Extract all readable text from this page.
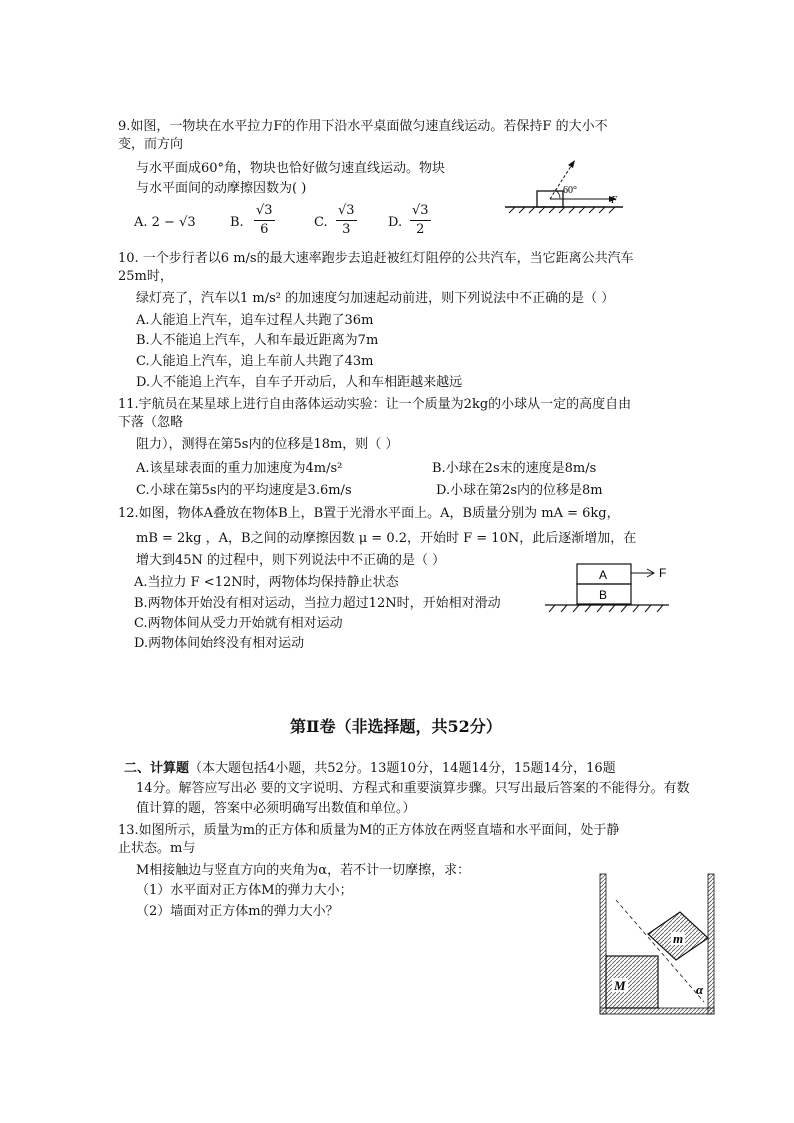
9.如图，一物块在水平拉力F的作用下沿水平桌面做匀速直线运动。若保持F 的大小不
变，而方向
与水平面成60°角，物块也恰好做匀速直线运动。物块
与水平面间的动摩擦因数为( )
A. 2 − √3	B. $\frac{√3}{6}$	C. $\frac{√3}{3} D$. $\frac{√3}{2}$
60°
F
10. 一个步行者以6 m/s的最大速率跑步去追赶被红灯阻停的公共汽车，当它距离公共汽车
25m时，
绿灯亮了，汽车以1 m/s² 的加速度匀加速起动前进，则下列说法中不正确的是（ ）
A.人能追上汽车，追车过程人共跑了36m
B.人不能追上汽车，人和车最近距离为7m
C.人能追上汽车，追上车前人共跑了43m
D.人不能追上汽车，自车子开动后，人和车相距越来越远
11.宇航员在某星球上进行自由落体运动实验：让一个质量为2kg的小球从一定的高度自由
下落（忽略
阻力），测得在第5s内的位移是18m，则（ ）
A.该星球表面的重力加速度为4m/s²	B.小球在2s末的速度是8m/s
C.小球在第5s内的平均速度是3.6m/s	D.小球在第2s内的位移是8m
12.如图，物体A叠放在物体B上，B置于光滑水平面上。A，B质量分别为 mA = 6kg，
mB = 2kg ，A，B之间的动摩擦因数 μ = 0.2，开始时 F = 10N，此后逐渐增加，在
增大到45N 的过程中，则下列说法中不正确的是（ ）
A.当拉力 F <12N时，两物体均保持静止状态
B.两物体开始没有相对运动，当拉力超过12N时，开始相对滑动
C.两物体间从受力开始就有相对运动
D.两物体间始终没有相对运动
A
B
F
第Ⅱ卷（非选择题，共52分）
二、计算题（本大题包括4小题，共52分。13题10分，14题14分，15题14分，16题
14分。解答应写出必 要的文字说明、方程式和重要演算步骤。只写出最后答案的不能得分。有数
值计算的题，答案中必须明确写出数值和单位。）
13.如图所示，质量为m的正方体和质量为M的正方体放在两竖直墙和水平面间，处于静
止状态。m与
M相接触边与竖直方向的夹角为α，若不计一切摩擦，求：
（1）水平面对正方体M的弹力大小；
（2）墙面对正方体m的弹力大小？
M
m
α
